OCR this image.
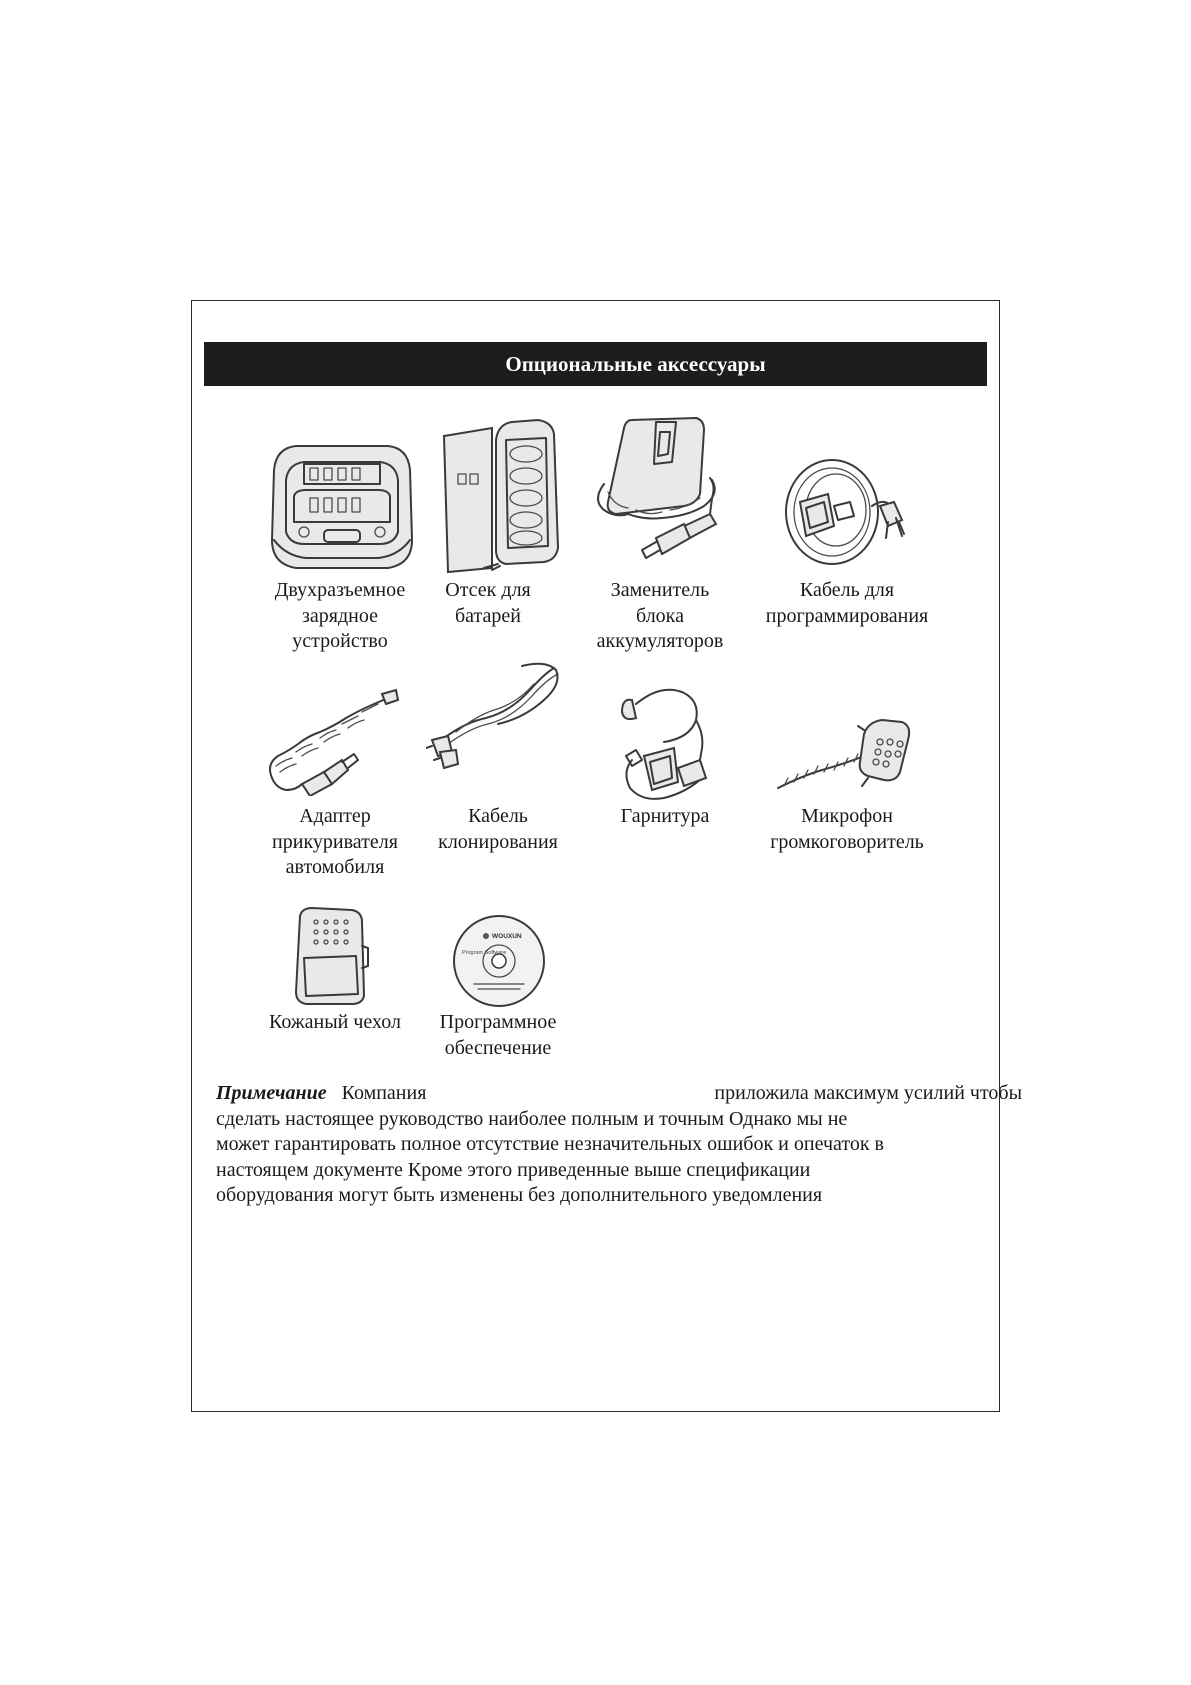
Опциональные аксессуары
Двухразъемное
зарядное
устройство
Отсек для
батарей
Заменитель
блока
аккумуляторов
Кабель для
программирования
Адаптер
прикуривателя
автомобиля
Кабель
клонирования
Гарнитура	Микрофон
громкоговоритель
WOUXUN
Program Software
Кожаный чехол	Программное
обеспечение
Примечание Компания	приложила максимум усилий чтобы
сделать настоящее руководство наиболее полным и точным Однако мы не
может гарантировать полное отсутствие незначительных ошибок и опечаток в
настоящем документе Кроме этого приведенные выше спецификации
оборудования могут быть изменены без дополнительного уведомления
